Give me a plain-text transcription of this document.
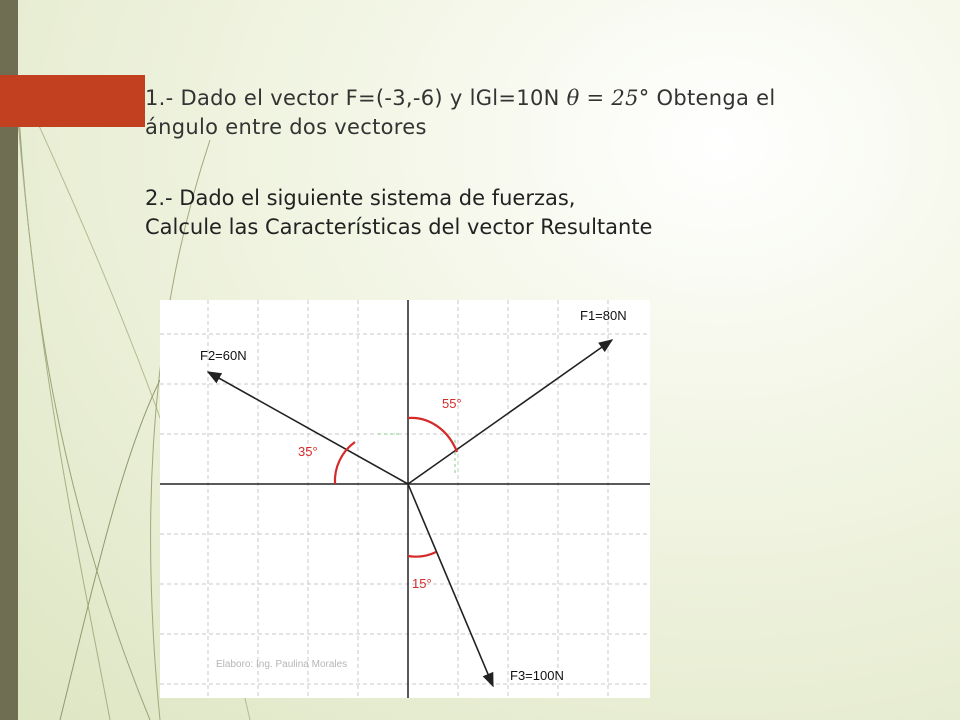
1.- Dado el vector F=(-3,-6) y lGl=10N θ = 25° Obtenga el
ángulo entre dos vectores
2.- Dado el siguiente sistema de fuerzas,
Calcule las Características del vector Resultante
F1=80N
F2=60N
F3=100N
55°
35°
15°
Elaboro: Ing. Paulina Morales
